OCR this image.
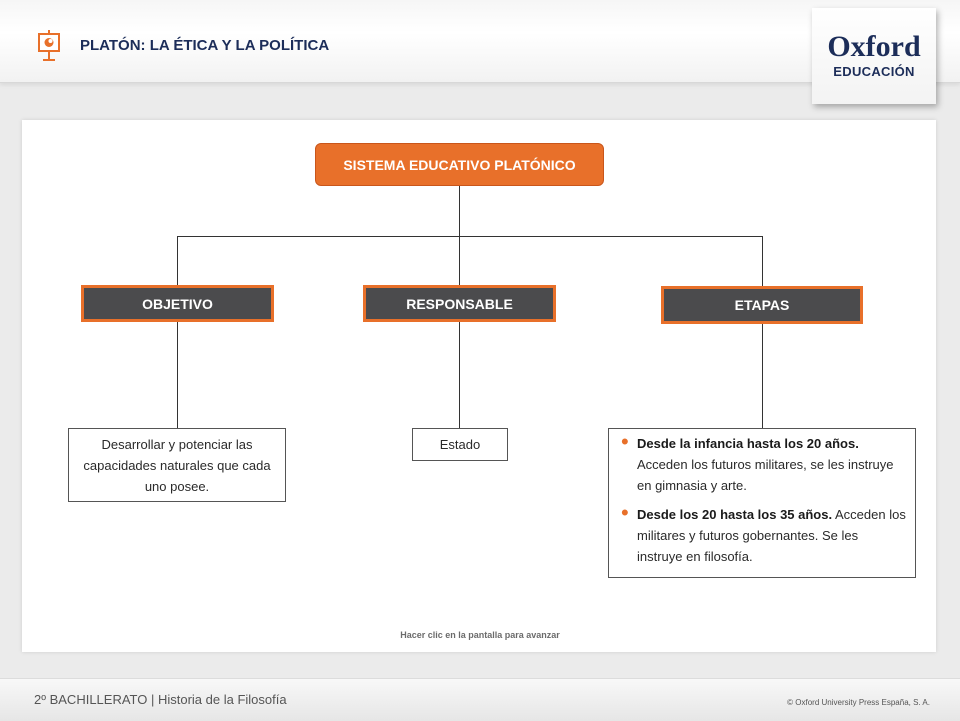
PLATÓN: LA ÉTICA Y LA POLÍTICA	Oxford
EDUCACIÓN
SISTEMA EDUCATIVO PLATÓNICO
OBJETIVO	RESPONSABLE	ETAPAS
Desarrollar y potenciar las capacidades naturales que cada uno posee.
Estado	• Desde la infancia hasta los 20 años. Acceden los futuros militares, se les instruye en gimnasia y arte.
• Desde los 20 hasta los 35 años. Acceden los militares y futuros gobernantes. Se les instruye en filosofía.
Hacer clic en la pantalla para avanzar
2º BACHILLERATO | Historia de la Filosofía	© Oxford University Press España, S. A.
